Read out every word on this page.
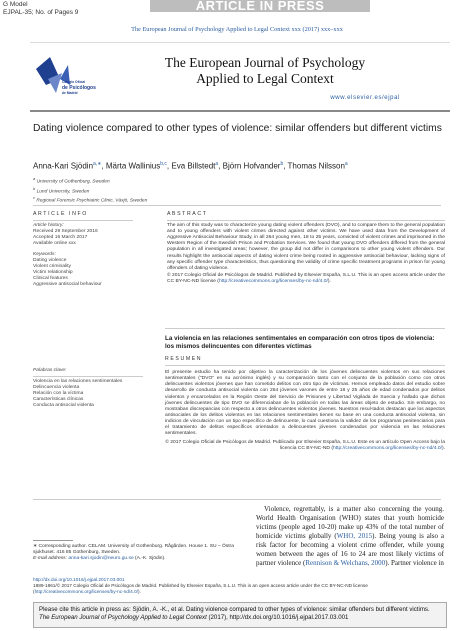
G Model
EJPAL-35; No. of Pages 9	ARTICLE IN PRESS
The European Journal of Psychology Applied to Legal Context xxx (2017) xxx–xxx
Colegio Oficial
de Psicólogos
de Madrid
The European Journal of Psychology
Applied to Legal Context
www.elsevier.es/ejpal
Dating violence compared to other types of violence: similar offenders but different victims
Anna-Kari Sjödin$^{a,∗}$, Märta Wallinius$^{b,c}$, Eva Billstedt$^a$, Björn Hofvander$^b$, Thomas Nilsson$^a$
$^a$ University of Gothenburg, Sweden
$^b$ Lund University, Sweden
$^c$ Regional Forensic Psychiatric Clinic, Växjö, Sweden
ARTICLE INFO
Article history:
Received 29 September 2016
Accepted 16 March 2017
Available online xxx
Keywords:
Dating violence
Violent criminality
Victim relationship
Clinical features
Aggressive antisocial behaviour
ABSTRACT
The aim of this study was to characterize young dating violent offenders (DVO), and to compare them to the general population and to young offenders with violent crimes directed against other victims. We have used data from the Development of Aggressive Antisocial Behaviour Study, in all 264 young men, 18 to 25 years, convicted of violent crimes and imprisoned in the Western Region of the Swedish Prison and Probation Services. We found that young DVO offenders differed from the general population in all investigated areas; however, the group did not differ in comparisons to other young violent offenders. Our results highlight the antisocial aspects of dating violent crime being rooted in aggressive antisocial behaviour, lacking signs of any specific offender type characteristics, thus questioning the validity of crime specific treatment programs in prison for young offenders of dating violence.
© 2017 Colegio Oficial de Psicólogos de Madrid. Published by Elsevier España, S.L.U. This is an open access article under the CC BY-NC-ND license (http://creativecommons.org/licenses/by-nc-nd/4.0/).
La violencia en las relaciones sentimentales en comparación con otros tipos de violencia: los mismos delincuentes con diferentes víctimas
RESUMEN
El presente estudio ha tenido por objetivo la caracterización de los jóvenes delincuentes violentos en sus relaciones sentimentales ("DVO" en su acrónimo inglés) y su comparación tanto con el conjunto de la población como con otros delincuentes violentos jóvenes que han cometido delitos con otro tipo de víctimas. Hemos empleado datos del estudio sobre desarrollo de conducta antisocial violenta con 264 jóvenes varones de entre 18 y 25 años de edad condenados por delitos violentos y encarcelados en la Región Oeste del Servicio de Prisiones y Libertad Vigilada de Suecia y hallado que dichos jóvenes delincuentes de tipo DVO se diferenciaban de la población en todas las áreas objeto de estudio. Sin embargo, no mostraban discrepancias con respecto a otros delincuentes violentos jóvenes. Nuestros resul-tados destacan que los aspectos antisociales de los delitos violentos en las relaciones sentimentales tienen su base en una conducta antisocial violenta, sin indicios de vinculación con un tipo específico de delincuente, lo cual cuestiona la validez de los programas penitenciarios para el tratamiento de delitos específicos orientados a delincuentes jóvenes condenados por violencia en las relaciones sentimentales.
© 2017 Colegio Oficial de Psicólogos de Madrid. Publicado por Elsevier España, S.L.U. Este es un artículo Open Access bajo la licencia CC BY-NC-ND (http://creativecommons.org/licenses/by-nc-nd/4.0/).
Palabras clave:
Violencia en las relaciones sentimentales
Delincuencia violenta
Relación con la víctima
Características clínicas
Conducta antisocial violenta
Violence, regrettably, is a matter also concerning the young. World Health Organisation (WHO) states that youth homicide victims (people aged 10-20) make up 43% of the total number of homicide victims globally (WHO, 2015). Being young is also a risk factor for becoming a violent crime offender, while young women between the ages of 16 to 24 are most likely victims of partner violence (Rennison & Welchans, 2000). Partner violence in
∗ Corresponding author. CELAM. University of Gothenburg. Rågården. House 1. SU – Östra sjukhuset. 416 85 Gothenburg, Sweden.
E-mail address: anna-kari.sjodin@neuro.gu.se (A.-K. Sjödin).
http://dx.doi.org/10.1016/j.ejpal.2017.03.001
1889-1861/© 2017 Colegio Oficial de Psicólogos de Madrid. Published by Elsevier España, S.L.U. This is an open access article under the CC BY-NC-ND license (http://creativecommons.org/licenses/by-nc-nd/4.0/).
Please cite this article in press as: Sjödin, A. -K., et al. Dating violence compared to other types of violence: similar offenders but different victims. The European Journal of Psychology Applied to Legal Context (2017), http://dx.doi.org/10.1016/j.ejpal.2017.03.001
